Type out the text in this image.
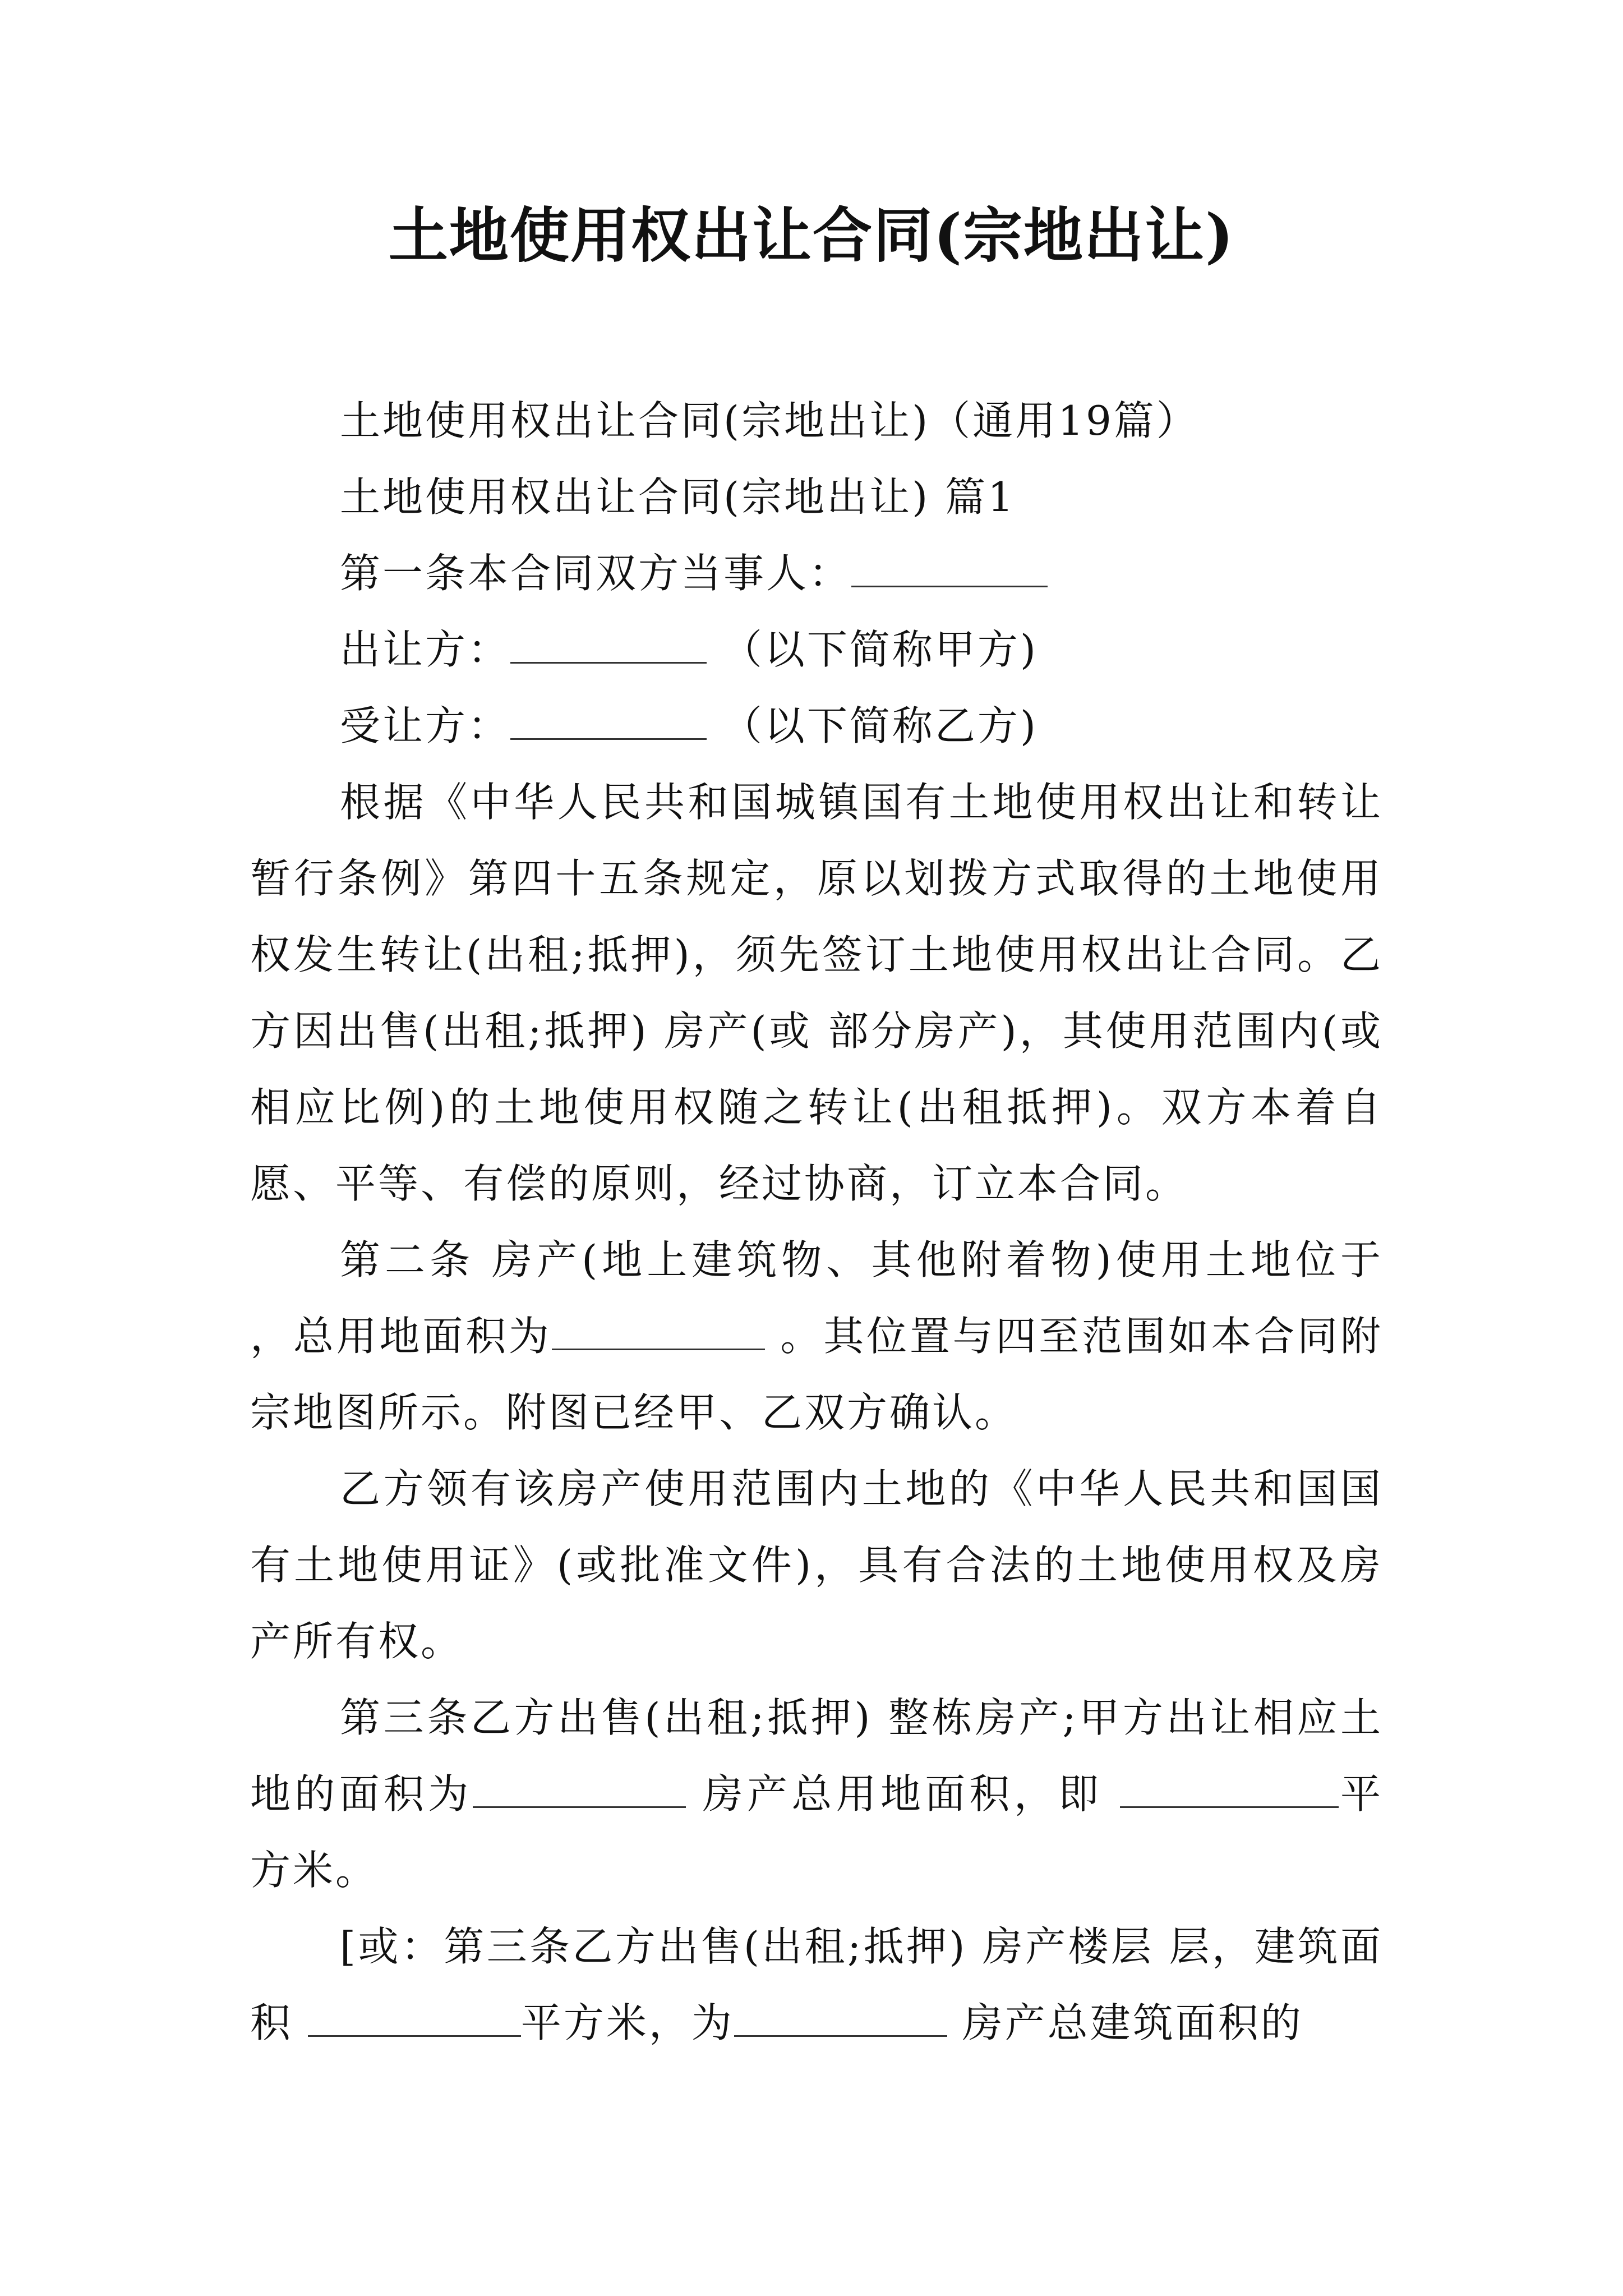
土地使用权出让合同(宗地出让)

土地使用权出让合同(宗地出让)（通用19篇）

土地使用权出让合同(宗地出让) 篇1

第一条本合同双方当事人：

出让方：	（以下简称甲方)

受让方：	（以下简称乙方)

根据《中华人民共和国城镇国有土地使用权出让和转让暂行条例》第四十五条规定，原以划拨方式取得的土地使用权发生转让(出租;抵押)，须先签订土地使用权出让合同。乙方因出售(出租;抵押) 房产(或 部分房产)，其使用范围内(或相应比例)的土地使用权随之转让(出租抵押)。双方本着自愿、平等、有偿的原则，经过协商，订立本合同。

第二条 房产(地上建筑物、其他附着物)使用土地位于 ，总用地面积为	。其位置与四至范围如本合同附宗地图所示。附图已经甲、乙双方确认。

乙方领有该房产使用范围内土地的《中华人民共和国国有土地使用证》(或批准文件)，具有合法的土地使用权及房产所有权。

第三条乙方出售(出租;抵押) 整栋房产;甲方出让相应土地的面积为	房产总用地面积，即	平方米。

[或：第三条乙方出售(出租;抵押) 房产楼层 层，建筑面积	平方米，为	房产总建筑面积的
